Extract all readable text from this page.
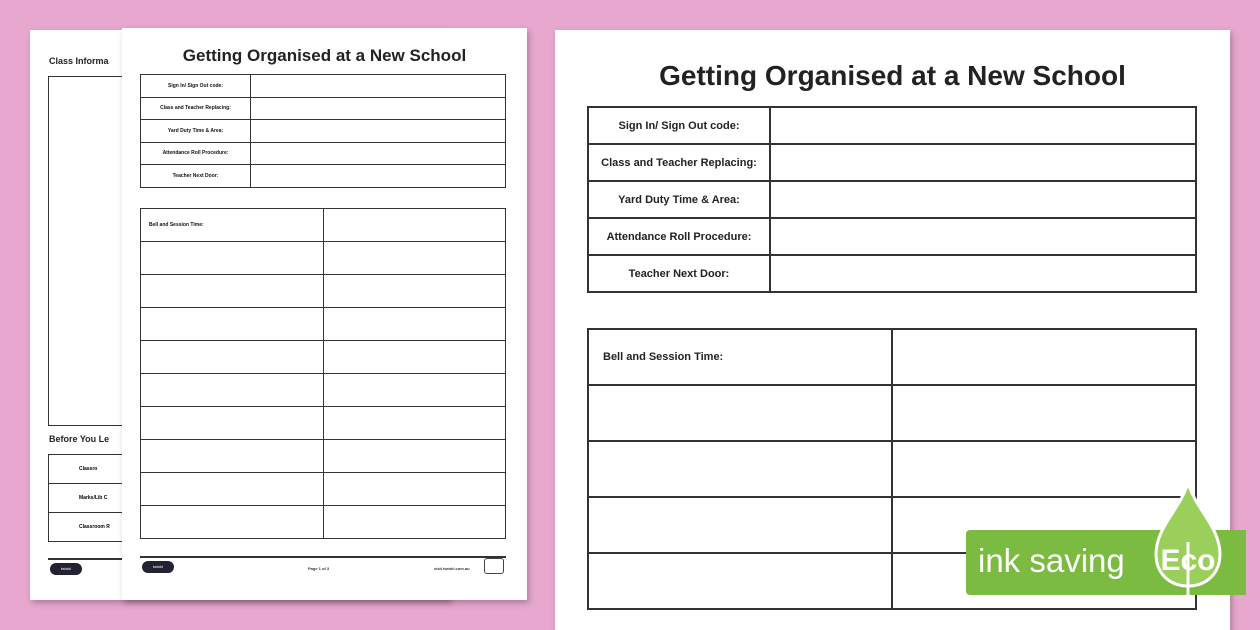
Class Informa
Before You Le
Classro
Marks/Lib C
Classroom R
twinkl
Getting Organised at a New School
Sign In/ Sign Out code:	
Class and Teacher Replacing:	
Yard Duty Time & Area:	
Attendance Roll Procedure:	
Teacher Next Door:	
Bell and Session Time:	

twinkl	Page 1 of 3	visit twinkl.com.au
Getting Organised at a New School
Sign In/ Sign Out code:	
Class and Teacher Replacing:	
Yard Duty Time & Area:	
Attendance Roll Procedure:	
Teacher Next Door:	
Bell and Session Time:	

ink saving Eco
